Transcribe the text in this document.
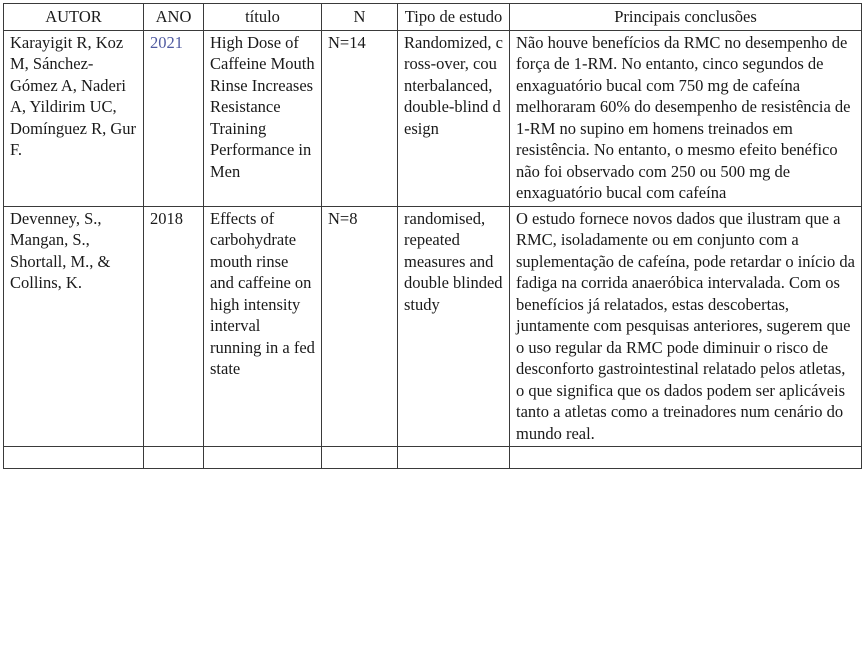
AUTOR	ANO	título	N	Tipo de estudo	Principais conclusões
Karayigit R, Koz M, Sánchez-Gómez A, Naderi A, Yildirim UC, Domínguez R, Gur F.	2021	High Dose of Caffeine Mouth Rinse Increases Resistance Training Performance in Men	N=14	Randomized, cross-over, counterbalanced, double-blind design	Não houve benefícios da RMC no desempenho de força de 1-RM. No entanto, cinco segundos de enxaguatório bucal com 750 mg de cafeína melhoraram 60% do desempenho de resistência de 1-RM no supino em homens treinados em resistência. No entanto, o mesmo efeito benéfico não foi observado com 250 ou 500 mg de enxaguatório bucal com cafeína
Devenney, S., Mangan, S., Shortall, M., & Collins, K.	2018	Effects of carbohydrate mouth rinse and caffeine on high intensity interval running in a fed state	N=8	randomised, repeated measures and double blinded study	O estudo fornece novos dados que ilustram que a RMC, isoladamente ou em conjunto com a suplementação de cafeína, pode retardar o início da fadiga na corrida anaeróbica intervalada. Com os benefícios já relatados, estas descobertas, juntamente com pesquisas anteriores, sugerem que o uso regular da RMC pode diminuir o risco de desconforto gastrointestinal relatado pelos atletas, o que significa que os dados podem ser aplicáveis tanto a atletas como a treinadores num cenário do mundo real.
